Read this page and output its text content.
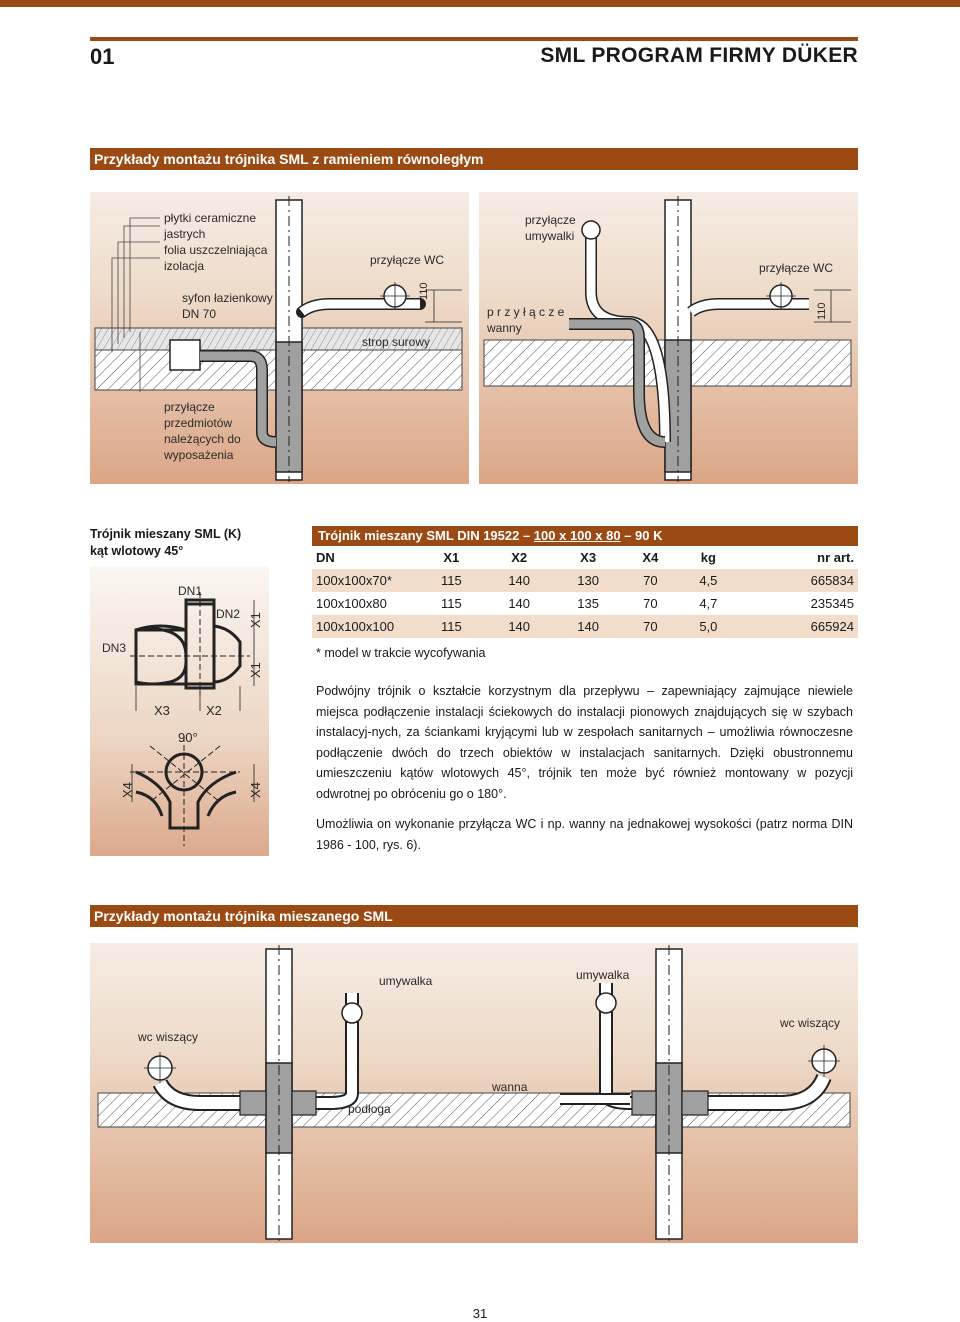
01	SML PROGRAM FIRMY DÜKER
Przykłady montażu trójnika SML z ramieniem równoległym
płytki ceramiczne
jastrych
folia uszczelniająca
izolacja
syfon łazienkowy
DN 70
przyłącze WC
strop surowy
110
przyłącze
przedmiotów
należących do
wyposażenia
przyłącze
umywalki
przyłącze WC
p r z y ł ą c z e
wanny
110
Trójnik mieszany SML (K)
kąt wlotowy 45°
DN1
DN2
DN3
X1
X1
X3	X2
90°
X4	X4
Trójnik mieszany SML DIN 19522 – 100 x 100 x 80 – 90 K
DN	X1	X2	X3	X4	kg	nr art.
100x100x70*	115	140	130	70	4,5	665834
100x100x80	115	140	135	70	4,7	235345
100x100x100	115	140	140	70	5,0	665924
* model w trakcie wycofywania
Podwójny trójnik o kształcie korzystnym dla przepływu – zapewniający zajmujące niewiele miejsca podłączenie instalacji ściekowych do instalacji pionowych znajdujących się w szybach instalacyj-nych, za ściankami kryjącymi lub w zespołach sanitarnych – umożliwia równoczesne podłączenie dwóch do trzech obiektów w instalacjach sanitarnych. Dzięki obustronnemu umieszczeniu kątów wlotowych 45°, trójnik ten może być również montowany w pozycji odwrotnej po obróceniu go o 180°.
Umożliwia on wykonanie przyłącza WC i np. wanny na jednakowej wysokości (patrz norma DIN 1986 - 100, rys. 6).
Przykłady montażu trójnika mieszanego SML
wc wiszący
umywalka
podłoga
umywalka
wanna
wc wiszący
31
